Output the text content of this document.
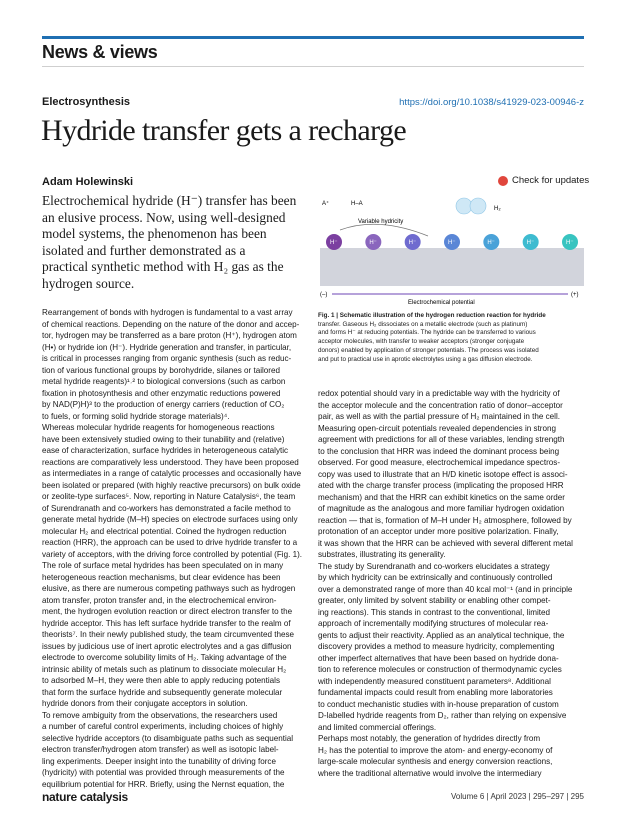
News & views
Electrosynthesis	https://doi.org/10.1038/s41929-023-00946-z
Hydride transfer gets a recharge
Adam Holewinski	Check for updates
Electrochemical hydride (H⁻) transfer has been
an elusive process. Now, using well-designed
model systems, the phenomenon has been
isolated and further demonstrated as a
practical synthetic method with H₂ gas as the
hydrogen source.
A⁺	H–A
Variable hydricity
H₂
H⁻	H⁻	H⁻	H⁻	H⁻	H⁻	H⁻
(–)	(+)
Electrochemical potential
Fig. 1 | Schematic illustration of the hydrogen reduction reaction for hydride
transfer. Gaseous H₂ dissociates on a metallic electrode (such as platinum)
and forms H⁻ at reducing potentials. The hydride can be transferred to various
acceptor molecules, with transfer to weaker acceptors (stronger conjugate
donors) enabled by application of stronger potentials. The process was isolated
and put to practical use in aprotic electrolytes using a gas diffusion electrode.
Rearrangement of bonds with hydrogen is fundamental to a vast array
of chemical reactions. Depending on the nature of the donor and accep-
tor, hydrogen may be transferred as a bare proton (H⁺), hydrogen atom
(H•) or hydride ion (H⁻). Hydride generation and transfer, in particular,
is critical in processes ranging from organic synthesis (such as reduc-
tion of various functional groups by borohydride, silanes or tailored
metal hydride reagents)¹˒² to biological conversions (such as carbon
fixation in photosynthesis and other enzymatic reductions powered
by NAD(P)H)³ to the production of energy carriers (reduction of CO₂
to fuels, or forming solid hydride storage materials)⁴.
Whereas molecular hydride reagents for homogeneous reactions
have been extensively studied owing to their tunability and (relative)
ease of characterization, surface hydrides in heterogeneous catalytic
reactions are comparatively less understood. They have been proposed
as intermediates in a range of catalytic processes and occasionally have
been isolated or prepared (with highly reactive precursors) on bulk oxide
or zeolite-type surfaces⁵. Now, reporting in Nature Catalysis⁶, the team
of Surendranath and co-workers has demonstrated a facile method to
generate metal hydride (M–H) species on electrode surfaces using only
molecular H₂ and electrical potential. Coined the hydrogen reduction
reaction (HRR), the approach can be used to drive hydride transfer to a
variety of acceptors, with the driving force controlled by potential (Fig. 1).
The role of surface metal hydrides has been speculated on in many
heterogeneous reaction mechanisms, but clear evidence has been
elusive, as there are numerous competing pathways such as hydrogen
atom transfer, proton transfer and, in the electrochemical environ-
ment, the hydrogen evolution reaction or direct electron transfer to the
hydride acceptor. This has left surface hydride transfer to the realm of
theorists⁷. In their newly published study, the team circumvented these
issues by judicious use of inert aprotic electrolytes and a gas diffusion
electrode to overcome solubility limits of H₂. Taking advantage of the
intrinsic ability of metals such as platinum to dissociate molecular H₂
to adsorbed M–H, they were then able to apply reducing potentials
that form the surface hydride and subsequently generate molecular
hydride donors from their conjugate acceptors in solution.
To remove ambiguity from the observations, the researchers used
a number of careful control experiments, including choices of highly
selective hydride acceptors (to disambiguate paths such as sequential
electron transfer/hydrogen atom transfer) as well as isotopic label-
ling experiments. Deeper insight into the tunability of driving force
(hydricity) with potential was provided through measurements of the
equilibrium potential for HRR. Briefly, using the Nernst equation, the
redox potential should vary in a predictable way with the hydricity of
the acceptor molecule and the concentration ratio of donor–acceptor
pair, as well as with the partial pressure of H₂ maintained in the cell.
Measuring open-circuit potentials revealed dependencies in strong
agreement with predictions for all of these variables, lending strength
to the conclusion that HRR was indeed the dominant process being
observed. For good measure, electrochemical impedance spectros-
copy was used to illustrate that an H/D kinetic isotope effect is associ-
ated with the charge transfer process (implicating the proposed HRR
mechanism) and that the HRR can exhibit kinetics on the same order
of magnitude as the analogous and more familiar hydrogen oxidation
reaction — that is, formation of M–H under H₂ atmosphere, followed by
protonation of an acceptor under more positive polarization. Finally,
it was shown that the HRR can be achieved with several different metal
substrates, illustrating its generality.
The study by Surendranath and co-workers elucidates a strategy
by which hydricity can be extrinsically and continuously controlled
over a demonstrated range of more than 40 kcal mol⁻¹ (and in principle
greater, only limited by solvent stability or enabling other compet-
ing reactions). This stands in contrast to the conventional, limited
approach of incrementally modifying structures of molecular rea-
gents to adjust their reactivity. Applied as an analytical technique, the
discovery provides a method to measure hydricity, complementing
other imperfect alternatives that have been based on hydride dona-
tion to reference molecules or construction of thermodynamic cycles
with independently measured constituent parameters⁸. Additional
fundamental impacts could result from enabling more laboratories
to conduct mechanistic studies with in-house preparation of custom
D-labelled hydride reagents from D₂, rather than relying on expensive
and limited commercial offerings.
Perhaps most notably, the generation of hydrides directly from
H₂ has the potential to improve the atom- and energy-economy of
large-scale molecular synthesis and energy conversion reactions,
where the traditional alternative would involve the intermediary
nature catalysis	Volume 6 | April 2023 | 295–297 | 295
